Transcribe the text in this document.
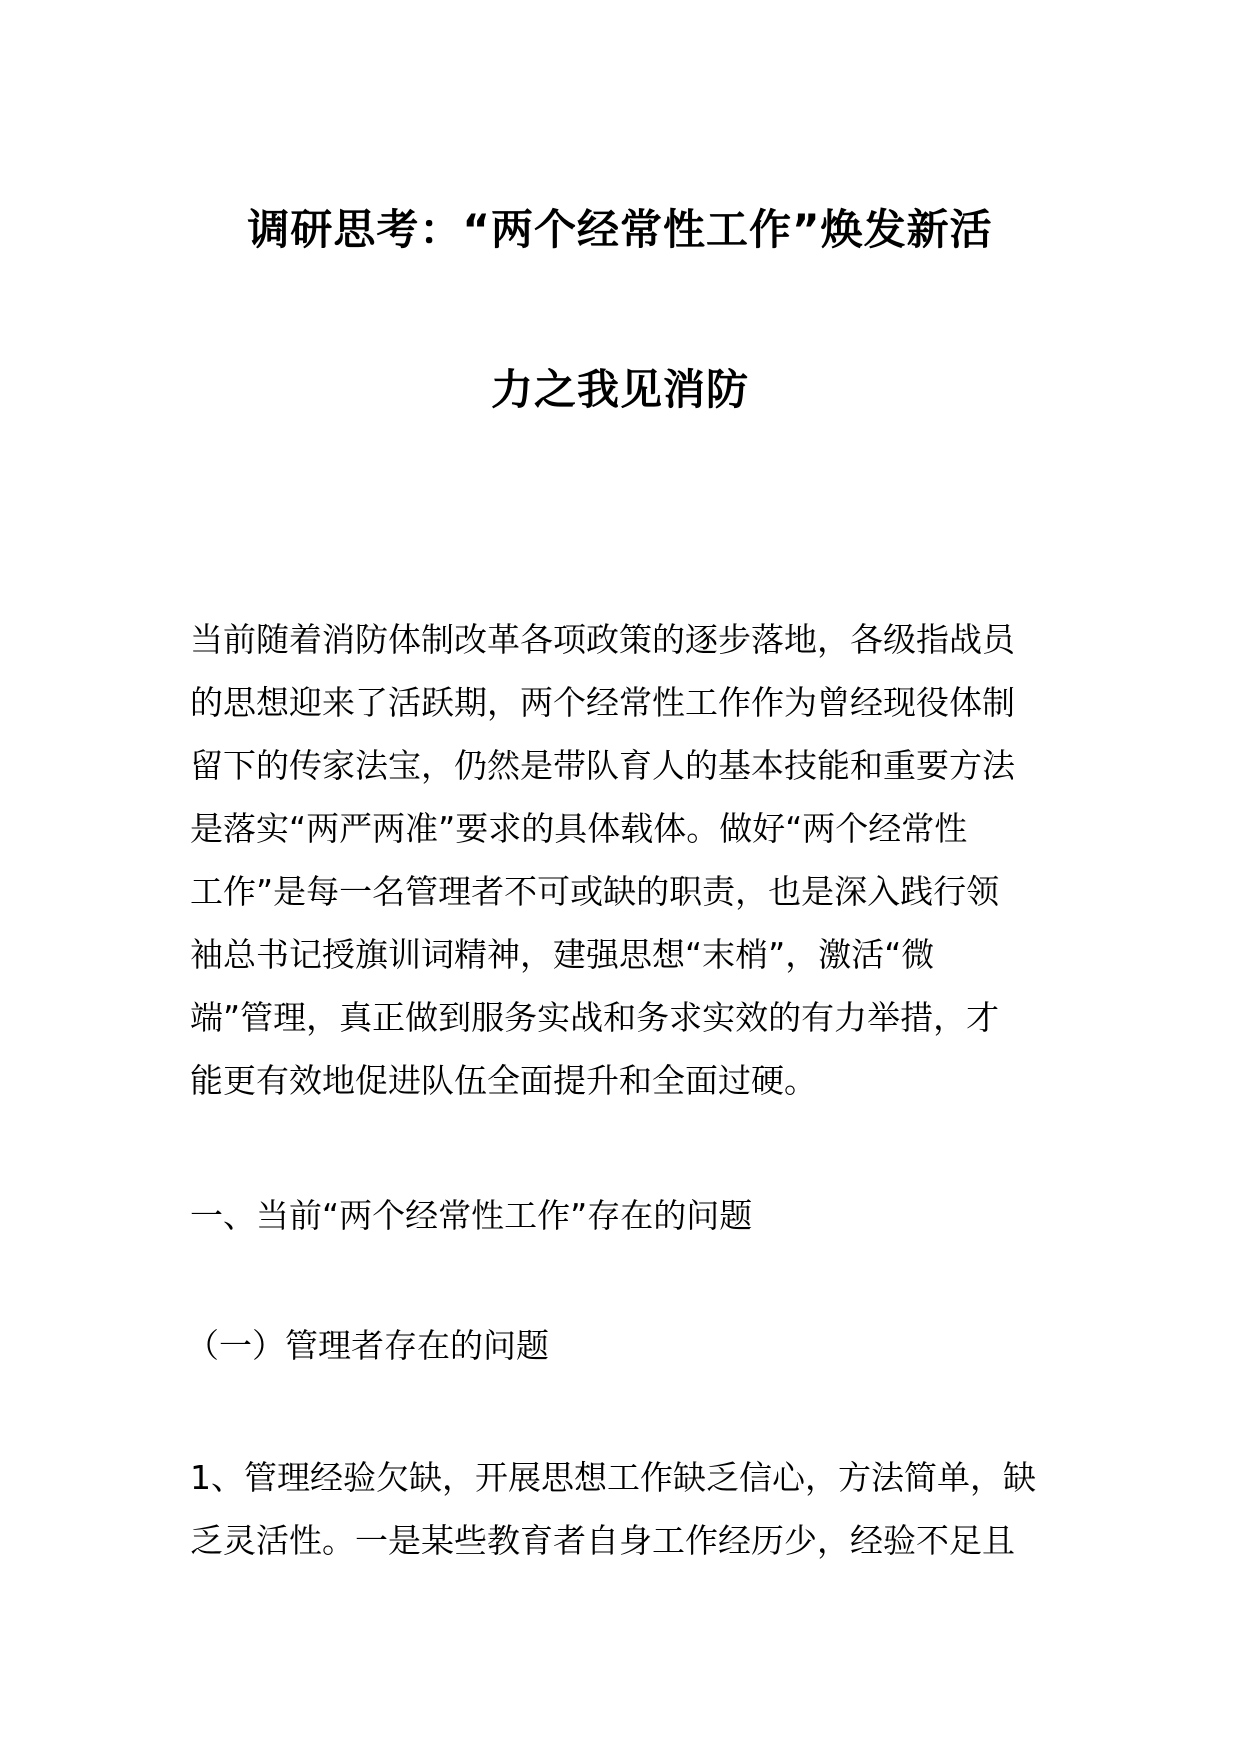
调研思考：“两个经常性工作”焕发新活
力之我见消防
当前随着消防体制改革各项政策的逐步落地，各级指战员
的思想迎来了活跃期，两个经常性工作作为曾经现役体制
留下的传家法宝，仍然是带队育人的基本技能和重要方法
是落实“两严两准”要求的具体载体。做好“两个经常性
工作”是每一名管理者不可或缺的职责，也是深入践行领
袖总书记授旗训词精神，建强思想“末梢”，激活“微
端”管理，真正做到服务实战和务求实效的有力举措，才
能更有效地促进队伍全面提升和全面过硬。
一、当前“两个经常性工作”存在的问题
（一）管理者存在的问题
1、管理经验欠缺，开展思想工作缺乏信心，方法简单，缺
乏灵活性。一是某些教育者自身工作经历少，经验不足且
